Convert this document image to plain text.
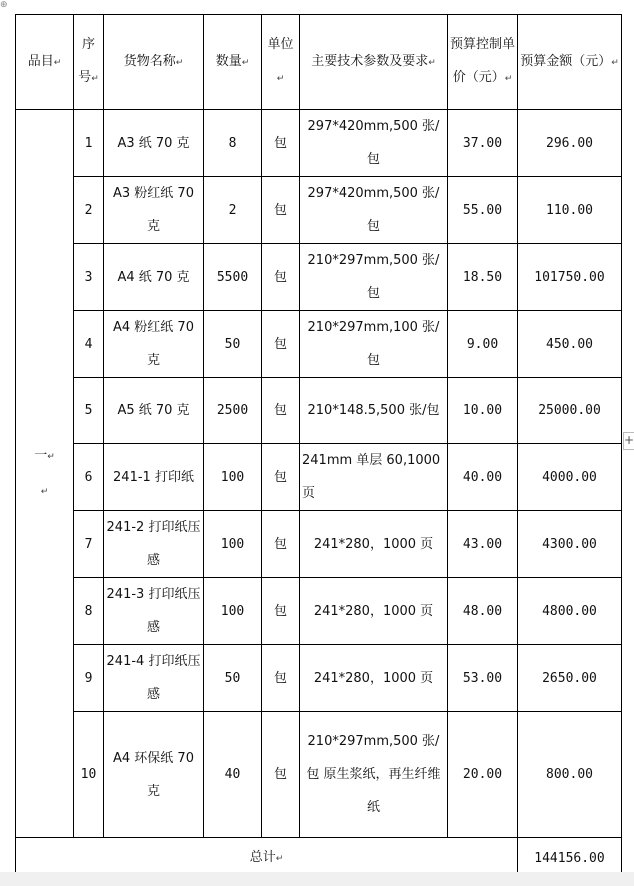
⊕
+
品目↵	序号↵	货物名称↵	数量↵	单位↵	主要技术参数及要求↵	预算控制单价（元）↵	预算金额（元）↵
一↵
↵	1	A3 纸 70 克	8	包	297*420mm,500 张/包	37.00	296.00
	2	A3 粉红纸 70 克	2	包	297*420mm,500 张/包	55.00	110.00
	3	A4 纸 70 克	5500	包	210*297mm,500 张/包	18.50	101750.00
	4	A4 粉红纸 70 克	50	包	210*297mm,100 张/包	9.00	450.00
	5	A5 纸 70 克	2500	包	210*148.5,500 张/包	10.00	25000.00
	6	241-1 打印纸	100	包	241mm 单层 60,1000 页	40.00	4000.00
	7	241-2 打印纸压感	100	包	241*280，1000 页	43.00	4300.00
	8	241-3 打印纸压感	100	包	241*280，1000 页	48.00	4800.00
	9	241-4 打印纸压感	50	包	241*280，1000 页	53.00	2650.00
	10	A4 环保纸 70 克	40	包	210*297mm,500 张/包 原生浆纸，再生纤维纸	20.00	800.00
总计↵							144156.00
